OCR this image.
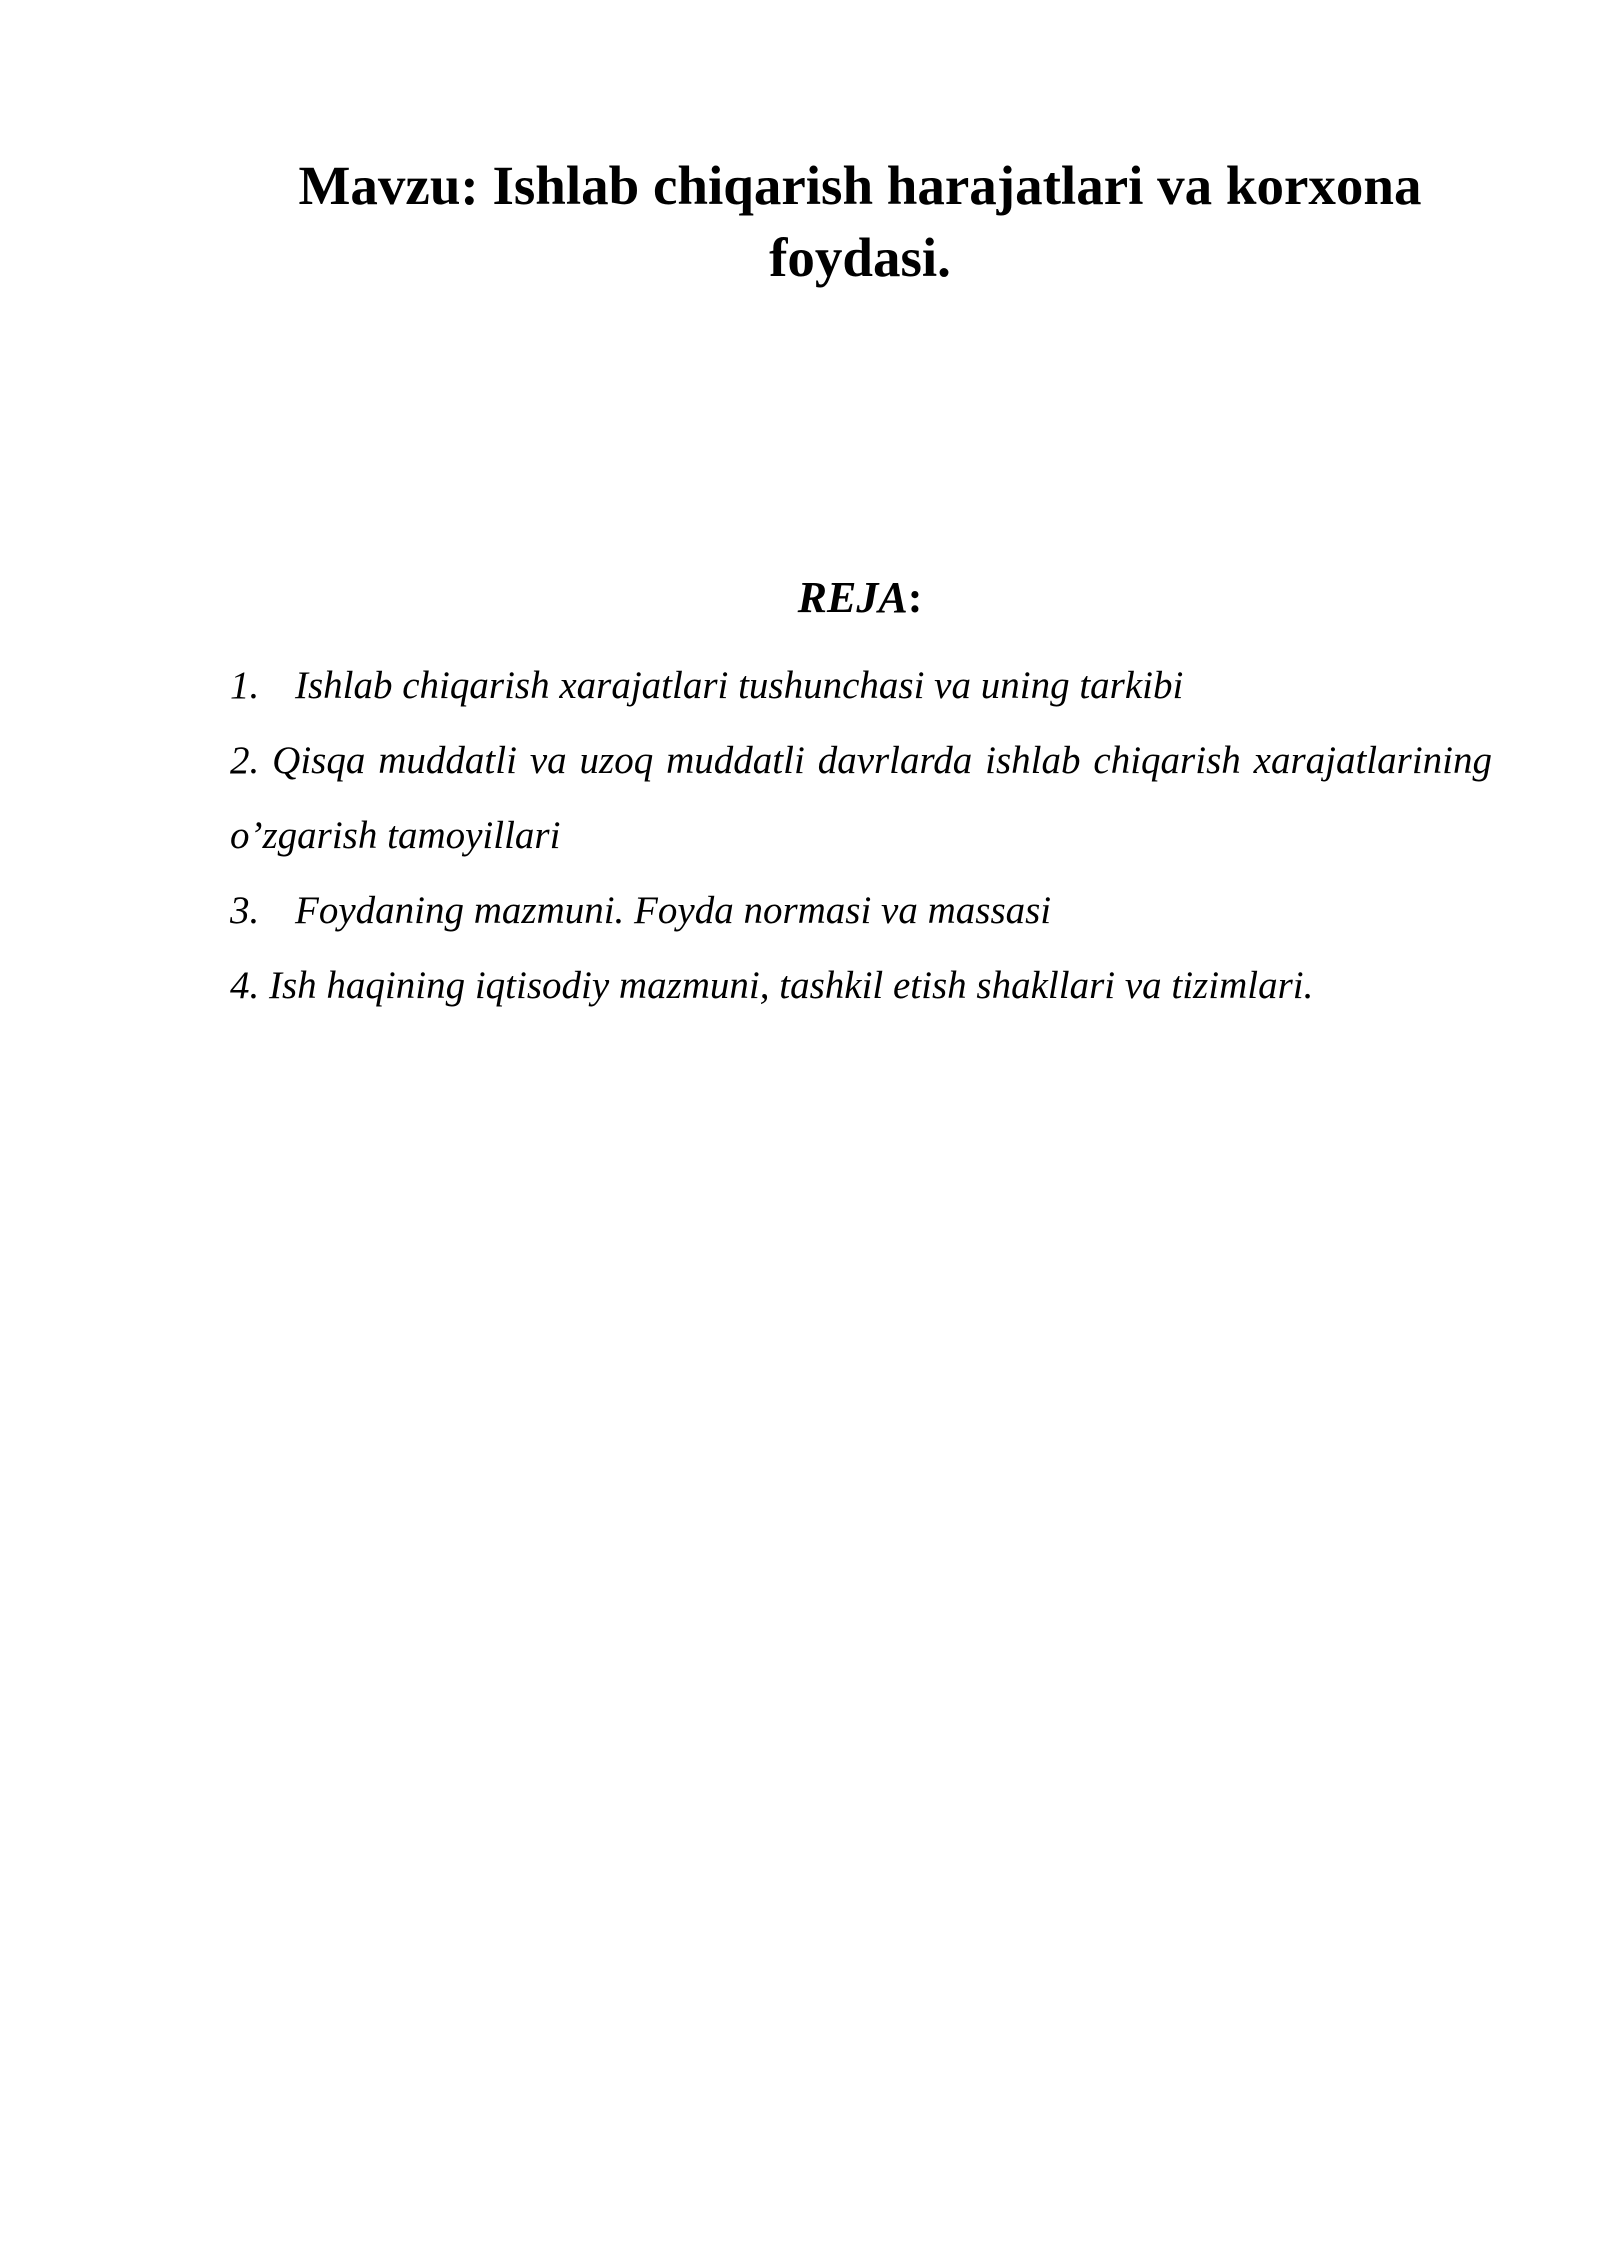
Mavzu: Ishlab chiqarish harajatlari va korxona foydasi.
REJA:
1. Ishlab chiqarish xarajatlari tushunchasi va uning tarkibi
2. Qisqa muddatli va uzoq muddatli davrlarda ishlab chiqarish xarajatlarining o’zgarish tamoyillari
3. Foydaning mazmuni. Foyda normasi va massasi
4. Ish haqining iqtisodiy mazmuni, tashkil etish shakllari va tizimlari.
